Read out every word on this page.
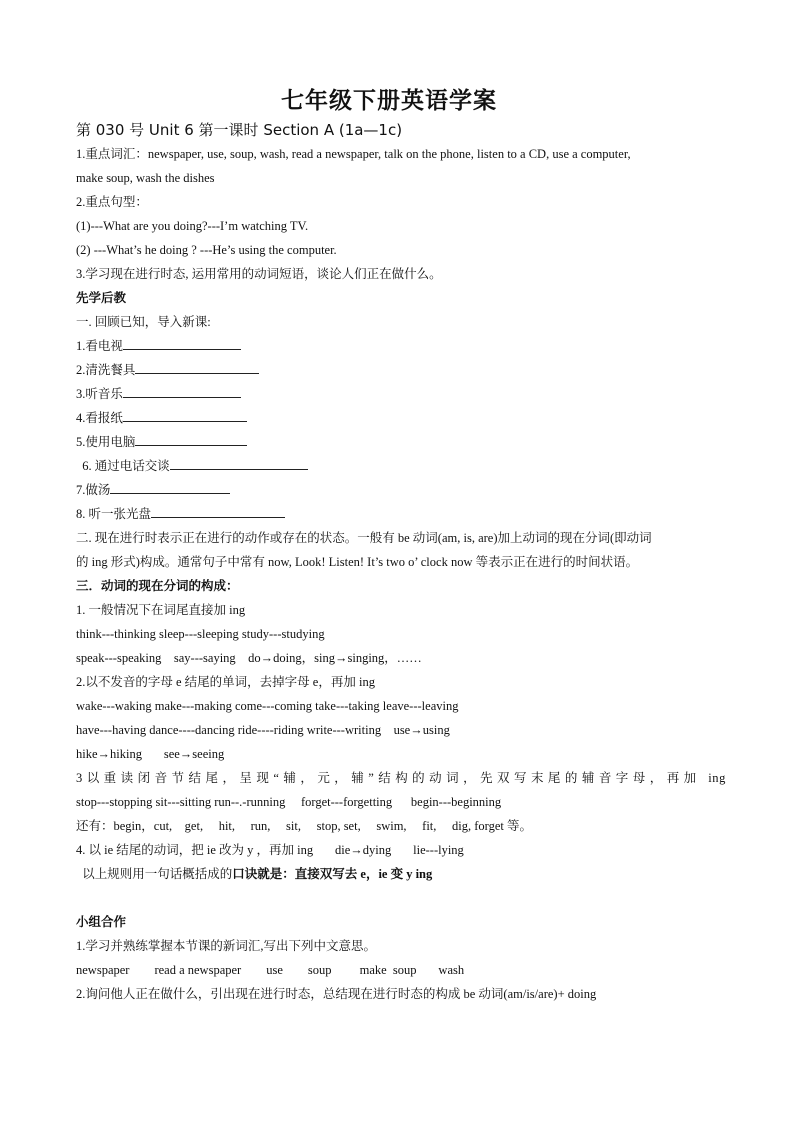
七年级下册英语学案
第 030 号 Unit 6 第一课时 Section A (1a—1c)
1.重点词汇：newspaper, use, soup, wash, read a newspaper, talk on the phone, listen to a CD, use a computer,
make soup, wash the dishes
2.重点句型：
(1)---What are you doing?---I’m watching TV.
(2) ---What’s he doing ? ---He’s using the computer.
3.学习现在进行时态, 运用常用的动词短语，谈论人们正在做什么。
先学后教
一. 回顾已知，导入新课:
1.看电视
2.清洗餐具
3.听音乐
4.看报纸
5.使用电脑
6. 通过电话交谈
7.做汤
8. 听一张光盘
二. 现在进行时表示正在进行的动作或存在的状态。一般有 be 动词(am, is, are)加上动词的现在分词(即动词
的 ing 形式)构成。通常句子中常有 now, Look! Listen! It’s two o’ clock now 等表示正在进行的时间状语。
三．动词的现在分词的构成：
1. 一般情况下在词尾直接加 ing
think---thinking sleep---sleeping study---studying
speak---speaking    say---saying    do→doing，sing→singing，……
2.以不发音的字母 e 结尾的单词，去掉字母 e，再加 ing
wake---waking make---making come---coming take---taking leave---leaving
have---having dance----dancing ride----riding write---writing    use→using
hike→hiking       see→seeing
3以重读闭音节结尾，呈现“辅，元，辅”结构的动词，先双写末尾的辅音字母，再加 ing
stop---stopping sit---sitting run--.-running     forget---forgetting      begin---beginning
还有：begin，cut,    get,     hit,     run,     sit,     stop, set,     swim,     fit,     dig, forget 等。
4. 以 ie 结尾的动词，把 ie 改为 y ，再加 ing       die→dying       lie---lying
以上规则用一句话概括成的口诀就是：直接双写去 e，ie 变 y ing
小组合作
1.学习并熟练掌握本节课的新词汇,写出下列中文意思。
newspaper        read a newspaper        use        soup         make  soup       wash
2.询问他人正在做什么，引出现在进行时态，总结现在进行时态的构成 be 动词(am/is/are)+ doing
